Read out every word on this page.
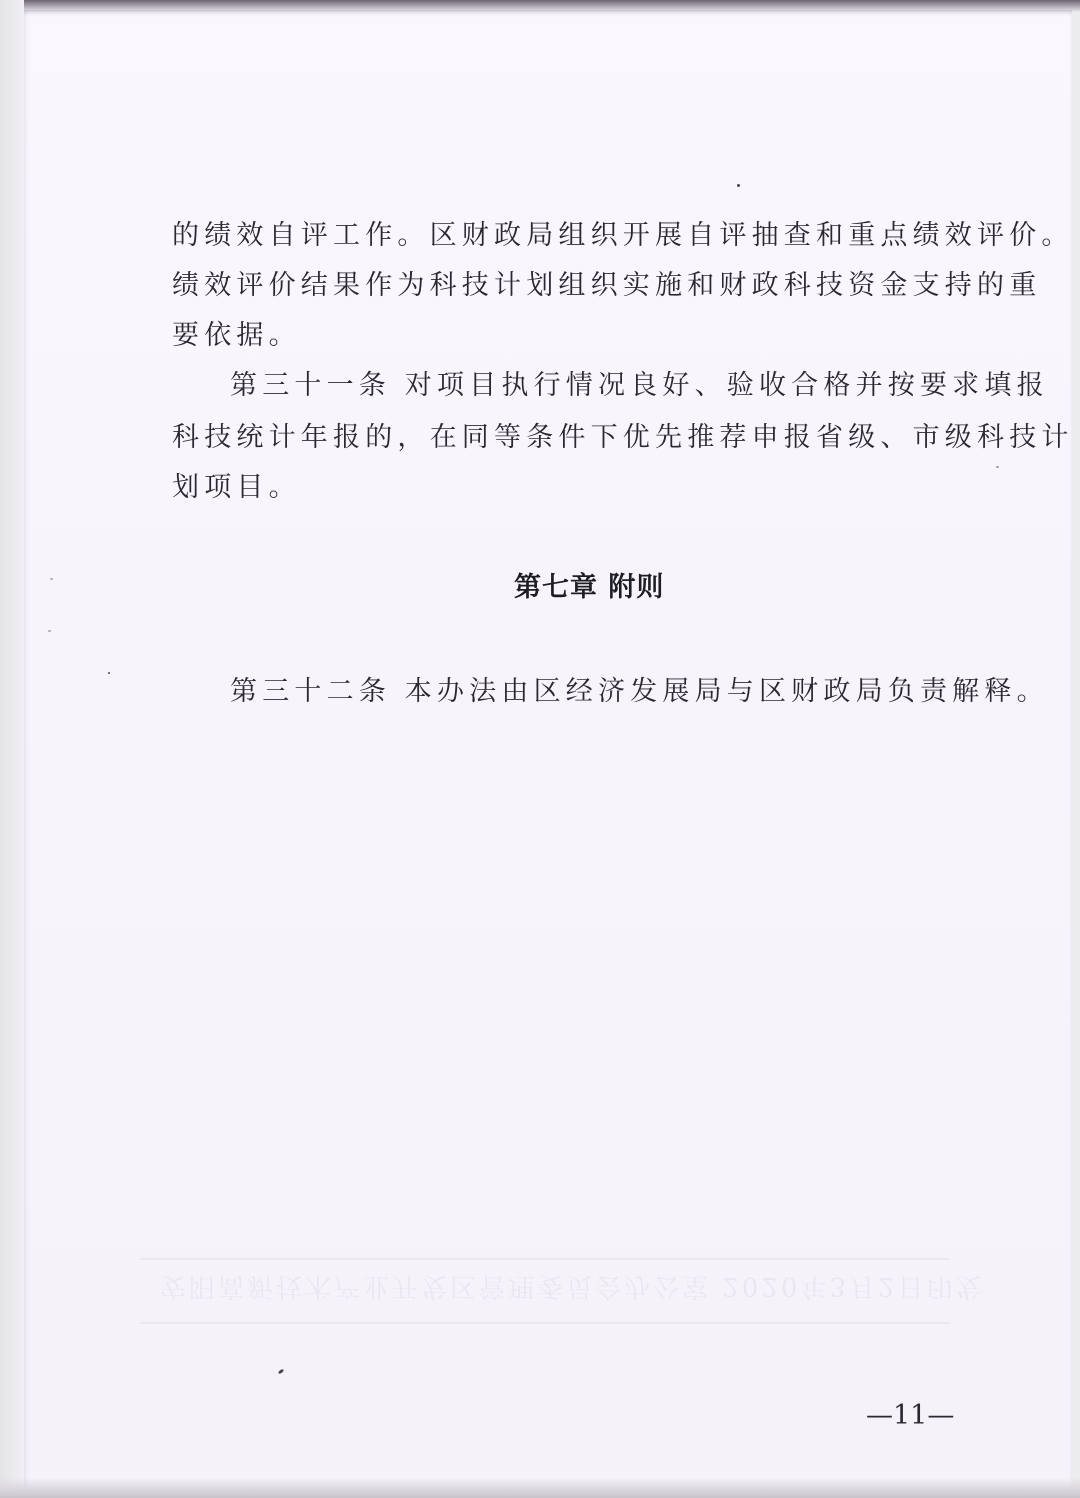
的绩效自评工作。区财政局组织开展自评抽查和重点绩效评价。
绩效评价结果作为科技计划组织实施和财政科技资金支持的重
要依据。
第三十一条 对项目执行情况良好、验收合格并按要求填报
科技统计年报的，在同等条件下优先推荐申报省级、市级科技计
划项目。
第七章 附则
第三十二条 本办法由区经济发展局与区财政局负责解释。
安阳高新技术产业开发区管理委员会办公室 2020年3月2日印发
—11—
